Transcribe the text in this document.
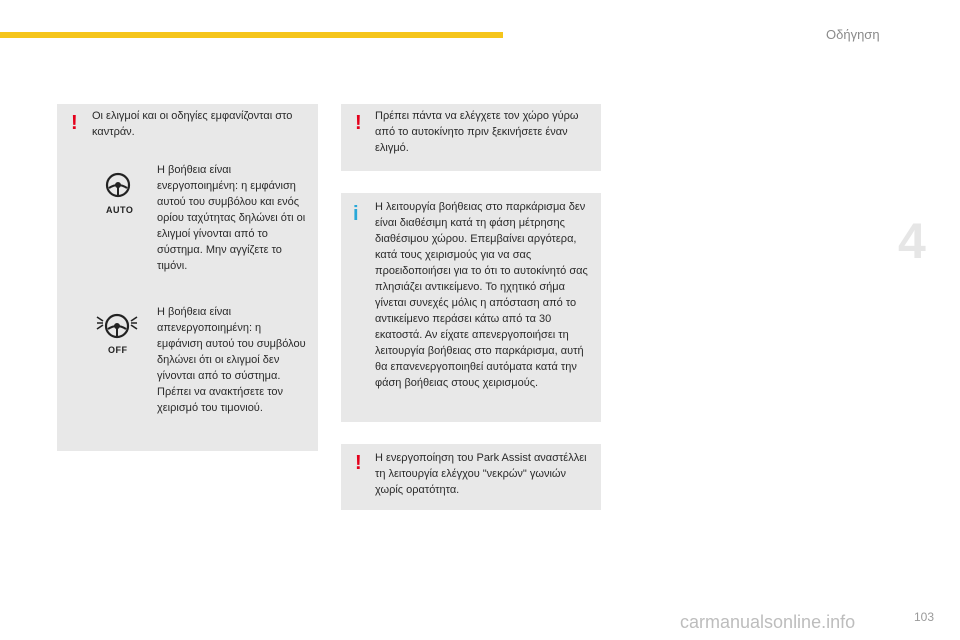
Οδήγηση
4
! Οι ελιγμοί και οι οδηγίες εμφανίζονται στο καντράν.

AUTO

Η βοήθεια είναι ενεργοποιημένη: η εμφάνιση αυτού του συμβόλου και ενός ορίου ταχύτητας δηλώνει ότι οι ελιγμοί γίνονται από το σύστημα. Μην αγγίζετε το τιμόνι.

OFF

Η βοήθεια είναι απενεργοποιημένη: η εμφάνιση αυτού του συμβόλου δηλώνει ότι οι ελιγμοί δεν γίνονται από το σύστημα. Πρέπει να ανακτήσετε τον χειρισμό του τιμονιού.

! Πρέπει πάντα να ελέγχετε τον χώρο γύρω από το αυτοκίνητο πριν ξεκινήσετε έναν ελιγμό.

i Η λειτουργία βοήθειας στο παρκάρισμα δεν είναι διαθέσιμη κατά τη φάση μέτρησης διαθέσιμου χώρου. Επεμβαίνει αργότερα, κατά τους χειρισμούς για να σας προειδοποιήσει για το ότι το αυτοκίνητό σας πλησιάζει αντικείμενο. Το ηχητικό σήμα γίνεται συνεχές μόλις η απόσταση από το αντικείμενο περάσει κάτω από τα 30 εκατοστά. Αν είχατε απενεργοποιήσει τη λειτουργία βοήθειας στο παρκάρισμα, αυτή θα επανενεργοποιηθεί αυτόματα κατά την φάση βοήθειας στους χειρισμούς.

! Η ενεργοποίηση του Park Assist αναστέλλει τη λειτουργία ελέγχου "νεκρών" γωνιών χωρίς ορατότητα.

carmanualsonline.info	103
